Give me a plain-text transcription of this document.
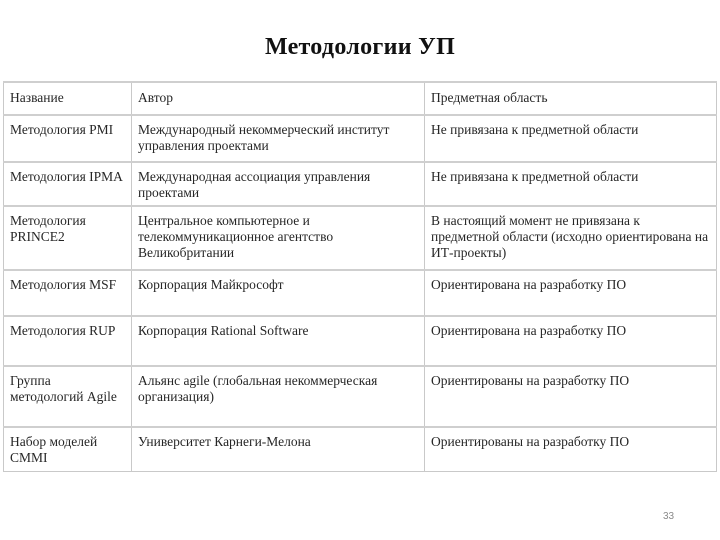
Методологии УП
Название	Автор	Предметная область
Методология PMI	Международный некоммерческий институт управления проектами	Не привязана к предметной области
Методология IPMA	Международная ассоциация управления проектами	Не привязана к предметной области
Методология PRINCE2	Центральное компьютерное и телекоммуникационное агентство Великобритании	В настоящий момент не привязана к предметной области (исходно ориентирована на ИТ-проекты)
Методология MSF	Корпорация Майкрософт	Ориентирована на разработку ПО
Методология RUP	Корпорация Rational Software	Ориентирована на разработку ПО
Группа методологий Agile	Альянс agile (глобальная некоммерческая организация)	Ориентированы на разработку ПО
Набор моделей CMMI	Университет Карнеги-Мелона	Ориентированы на разработку ПО
33
